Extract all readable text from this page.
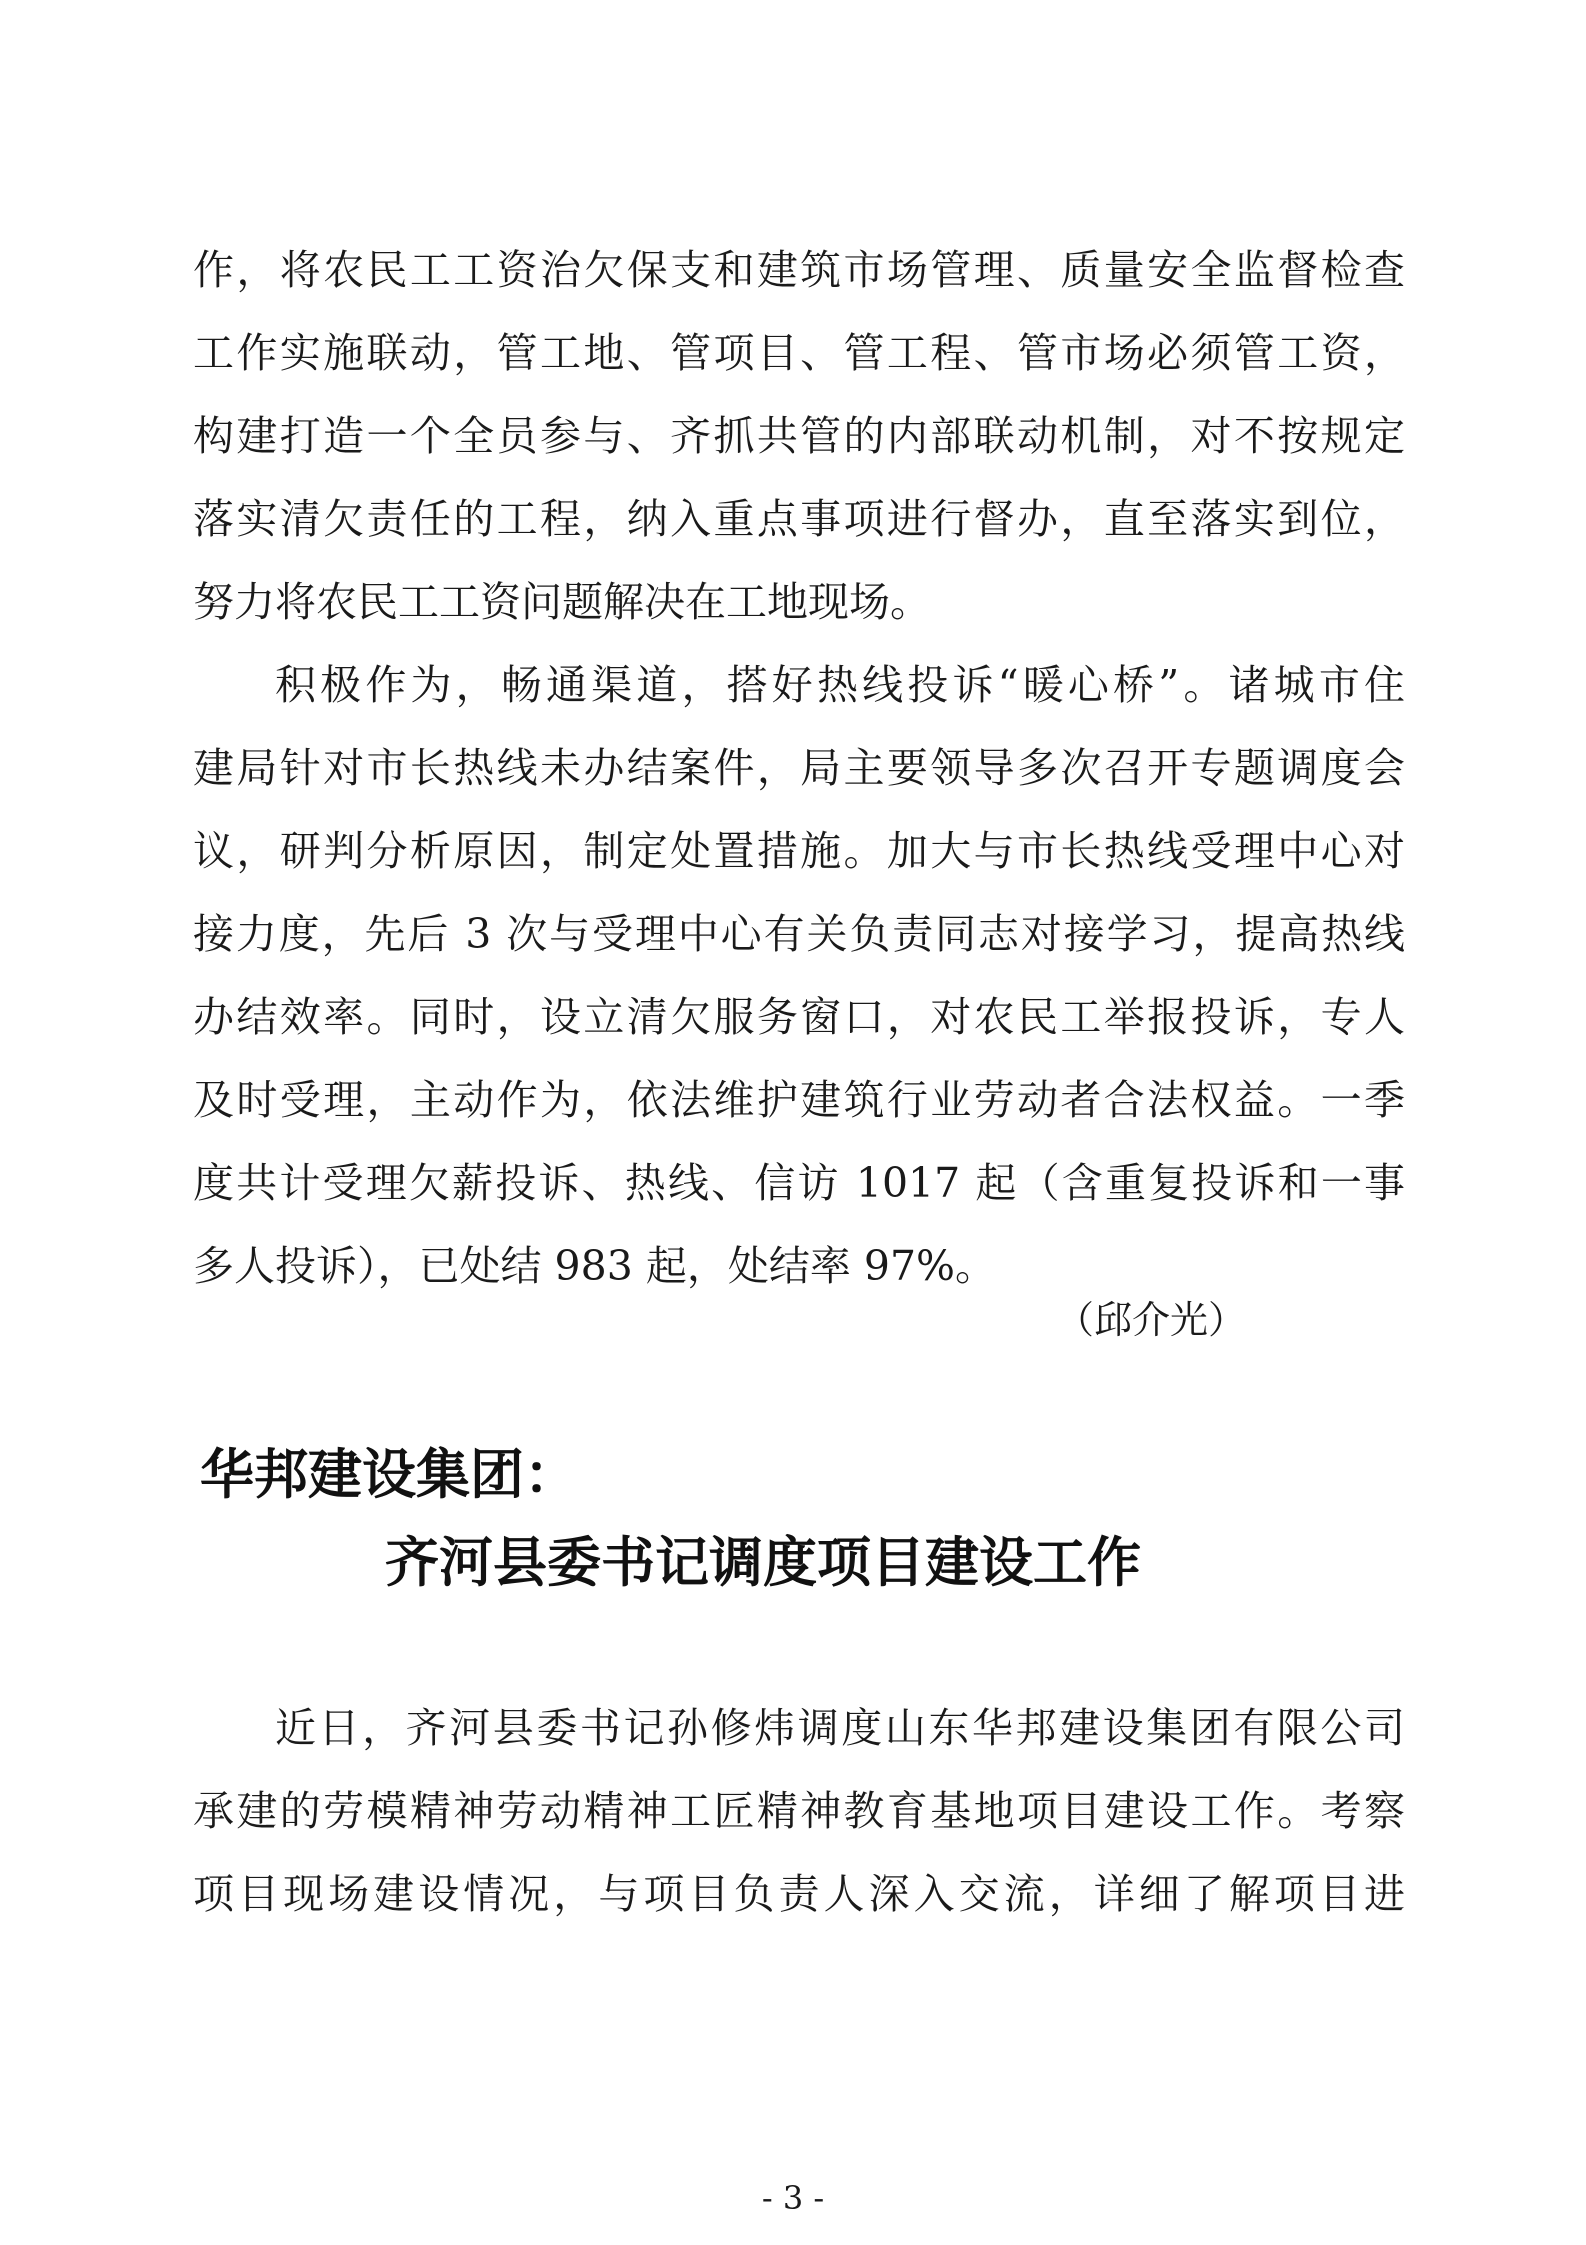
作，将农民工工资治欠保支和建筑市场管理、质量安全监督检查
工作实施联动，管工地、管项目、管工程、管市场必须管工资，
构建打造一个全员参与、齐抓共管的内部联动机制，对不按规定
落实清欠责任的工程，纳入重点事项进行督办，直至落实到位，
努力将农民工工资问题解决在工地现场。
积极作为，畅通渠道，搭好热线投诉“暖心桥”。诸城市住
建局针对市长热线未办结案件，局主要领导多次召开专题调度会
议，研判分析原因，制定处置措施。加大与市长热线受理中心对
接力度，先后 3 次与受理中心有关负责同志对接学习，提高热线
办结效率。同时，设立清欠服务窗口，对农民工举报投诉，专人
及时受理，主动作为，依法维护建筑行业劳动者合法权益。一季
度共计受理欠薪投诉、热线、信访 1017 起（含重复投诉和一事
多人投诉），已处结 983 起，处结率 97%。
（邱介光）
华邦建设集团：
齐河县委书记调度项目建设工作
近日，齐河县委书记孙修炜调度山东华邦建设集团有限公司
承建的劳模精神劳动精神工匠精神教育基地项目建设工作。考察
项目现场建设情况，与项目负责人深入交流，详细了解项目进
- 3 -
